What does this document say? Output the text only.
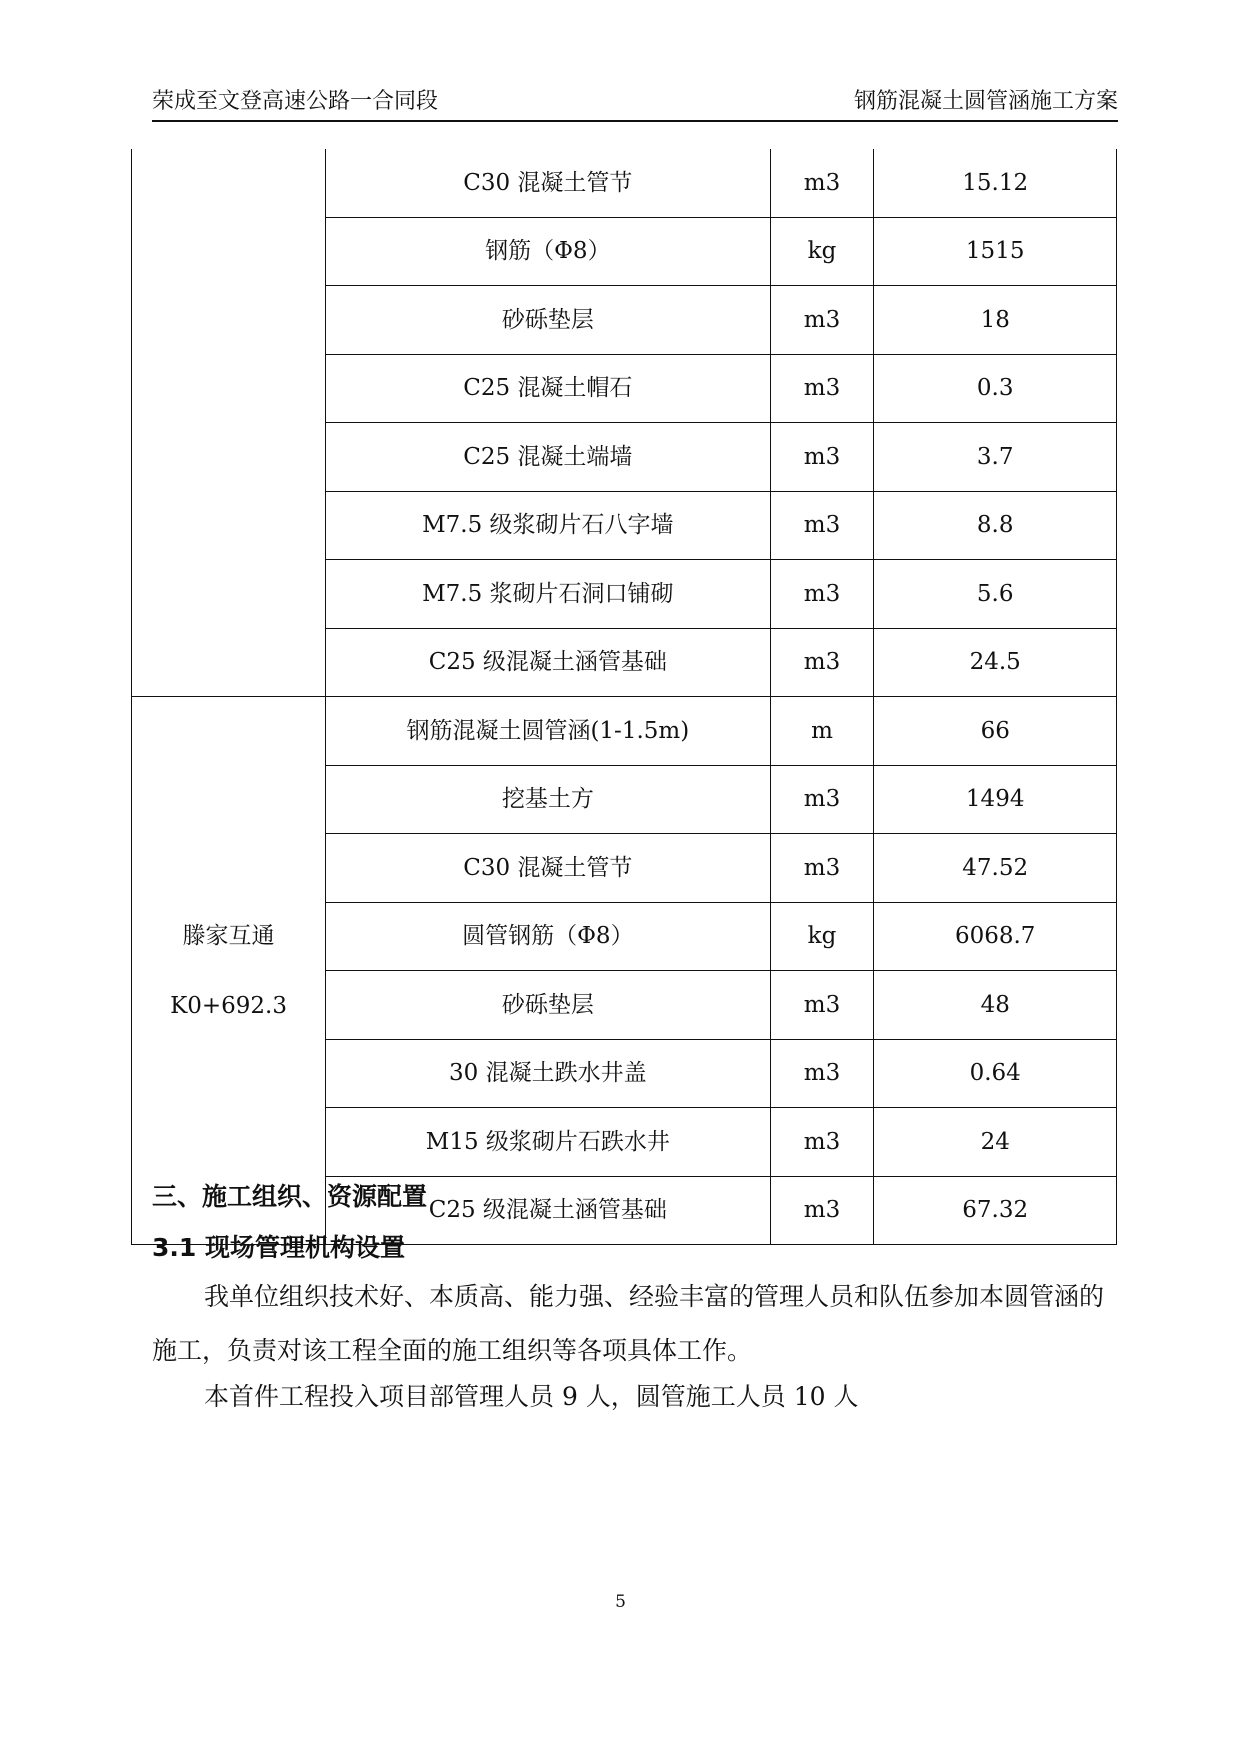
荣成至文登高速公路一合同段	钢筋混凝土圆管涵施工方案
	C30 混凝土管节	m3	15.12
	钢筋（Φ8）	kg	1515
	砂砾垫层	m3	18
	C25 混凝土帽石	m3	0.3
	C25 混凝土端墙	m3	3.7
	M7.5 级浆砌片石八字墙	m3	8.8
	M7.5 浆砌片石洞口铺砌	m3	5.6
	C25 级混凝土涵管基础	m3	24.5

滕家互通
K0+692.3	钢筋混凝土圆管涵(1-1.5m)	m	66
	挖基土方	m3	1494
	C30 混凝土管节	m3	47.52
	圆管钢筋（Φ8）	kg	6068.7
	砂砾垫层	m3	48
	30 混凝土跌水井盖	m3	0.64
	M15 级浆砌片石跌水井	m3	24
	C25 级混凝土涵管基础	m3	67.32
三、施工组织、资源配置
3.1 现场管理机构设置

我单位组织技术好、本质高、能力强、经验丰富的管理人员和队伍参加本圆管涵的施工，负责对该工程全面的施工组织等各项具体工作。

本首件工程投入项目部管理人员 9 人，圆管施工人员 10 人

5
